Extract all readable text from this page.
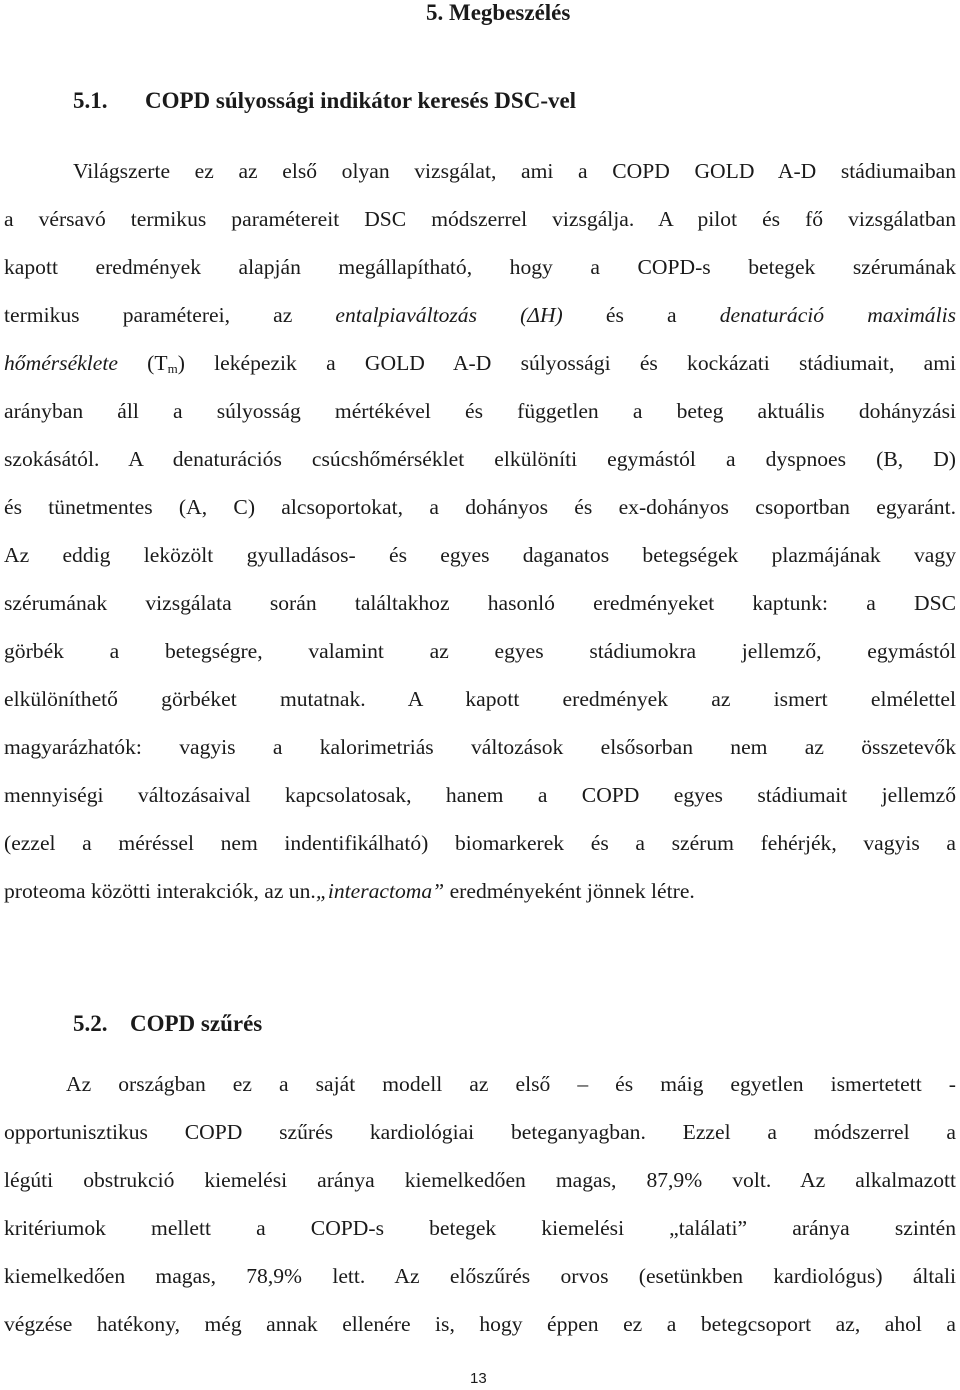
5. Megbeszélés
5.1. COPD súlyossági indikátor keresés DSC-vel
Világszerte ez az első olyan vizsgálat, ami a COPD GOLD A-D stádiumaiban
a vérsavó termikus paramétereit DSC módszerrel vizsgálja. A pilot és fő vizsgálatban
kapott eredmények alapján megállapítható, hogy a COPD-s betegek szérumának
termikus paraméterei, az entalpiaváltozás (ΔH) és a denaturáció maximális
hőmérséklete $(T_m)$ leképezik a GOLD A-D súlyossági és kockázati stádiumait, ami
arányban áll a súlyosság mértékével és független a beteg aktuális dohányzási
szokásától. A denaturációs csúcshőmérséklet elkülöníti egymástól a dyspnoes (B, D)
és tünetmentes (A, C) alcsoportokat, a dohányos és ex-dohányos csoportban egyaránt.
Az eddig leközölt gyulladásos- és egyes daganatos betegségek plazmájának vagy
szérumának vizsgálata során találtakhoz hasonló eredményeket kaptunk: a DSC
görbék a betegségre, valamint az egyes stádiumokra jellemző, egymástól
elkülöníthető görbéket mutatnak. A kapott eredmények az ismert elmélettel
magyarázhatók: vagyis a kalorimetriás változások elsősorban nem az összetevők
mennyiségi változásaival kapcsolatosak, hanem a COPD egyes stádiumait jellemző
(ezzel a méréssel nem indentifikálható) biomarkerek és a szérum fehérjék, vagyis a
proteoma közötti interakciók, az un.„interactoma” eredményeként jönnek létre.
5.2. COPD szűrés
Az országban ez a saját modell az első – és máig egyetlen ismertetett -
opportunisztikus COPD szűrés kardiológiai beteganyagban. Ezzel a módszerrel a
légúti obstrukció kiemelési aránya kiemelkedően magas, 87,9% volt. Az alkalmazott
kritériumok mellett a COPD-s betegek kiemelési „találati” aránya szintén
kiemelkedően magas, 78,9% lett. Az előszűrés orvos (esetünkben kardiológus) általi
végzése hatékony, még annak ellenére is, hogy éppen ez a betegcsoport az, ahol a
13
